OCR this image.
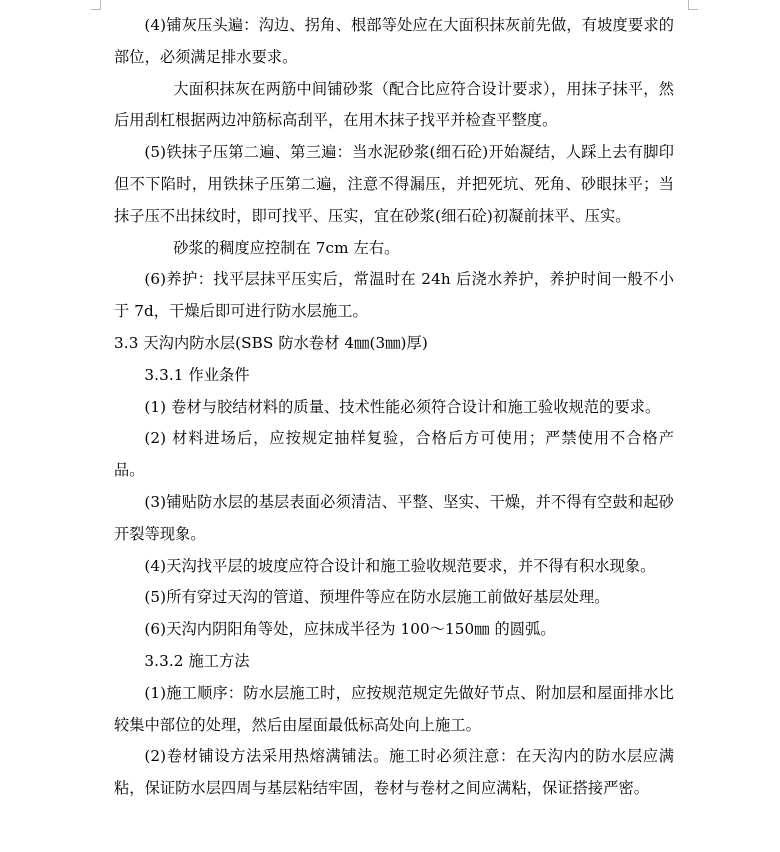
(4)铺灰压头遍：沟边、拐角、根部等处应在大面积抹灰前先做，有坡度要求的部位，必须满足排水要求。

大面积抹灰在两筋中间铺砂浆（配合比应符合设计要求），用抹子抹平，然后用刮杠根据两边冲筋标高刮平，在用木抹子找平并检查平整度。

(5)铁抹子压第二遍、第三遍：当水泥砂浆(细石砼)开始凝结，人踩上去有脚印但不下陷时，用铁抹子压第二遍，注意不得漏压，并把死坑、死角、砂眼抹平；当抹子压不出抹纹时，即可找平、压实，宜在砂浆(细石砼)初凝前抹平、压实。

砂浆的稠度应控制在 7cm 左右。

(6)养护：找平层抹平压实后，常温时在 24h 后浇水养护，养护时间一般不小于 7d，干燥后即可进行防水层施工。

3.3 天沟内防水层(SBS 防水卷材 4㎜(3㎜)厚)

3.3.1 作业条件

(1) 卷材与胶结材料的质量、技术性能必须符合设计和施工验收规范的要求。

(2) 材料进场后，应按规定抽样复验，合格后方可使用；严禁使用不合格产品。

(3)铺贴防水层的基层表面必须清洁、平整、坚实、干燥，并不得有空鼓和起砂开裂等现象。

(4)天沟找平层的坡度应符合设计和施工验收规范要求，并不得有积水现象。

(5)所有穿过天沟的管道、预埋件等应在防水层施工前做好基层处理。

(6)天沟内阴阳角等处，应抹成半径为 100～150㎜ 的圆弧。

3.3.2 施工方法

(1)施工顺序：防水层施工时，应按规范规定先做好节点、附加层和屋面排水比较集中部位的处理，然后由屋面最低标高处向上施工。

(2)卷材铺设方法采用热熔满铺法。施工时必须注意：在天沟内的防水层应满粘，保证防水层四周与基层粘结牢固，卷材与卷材之间应满粘，保证搭接严密。
